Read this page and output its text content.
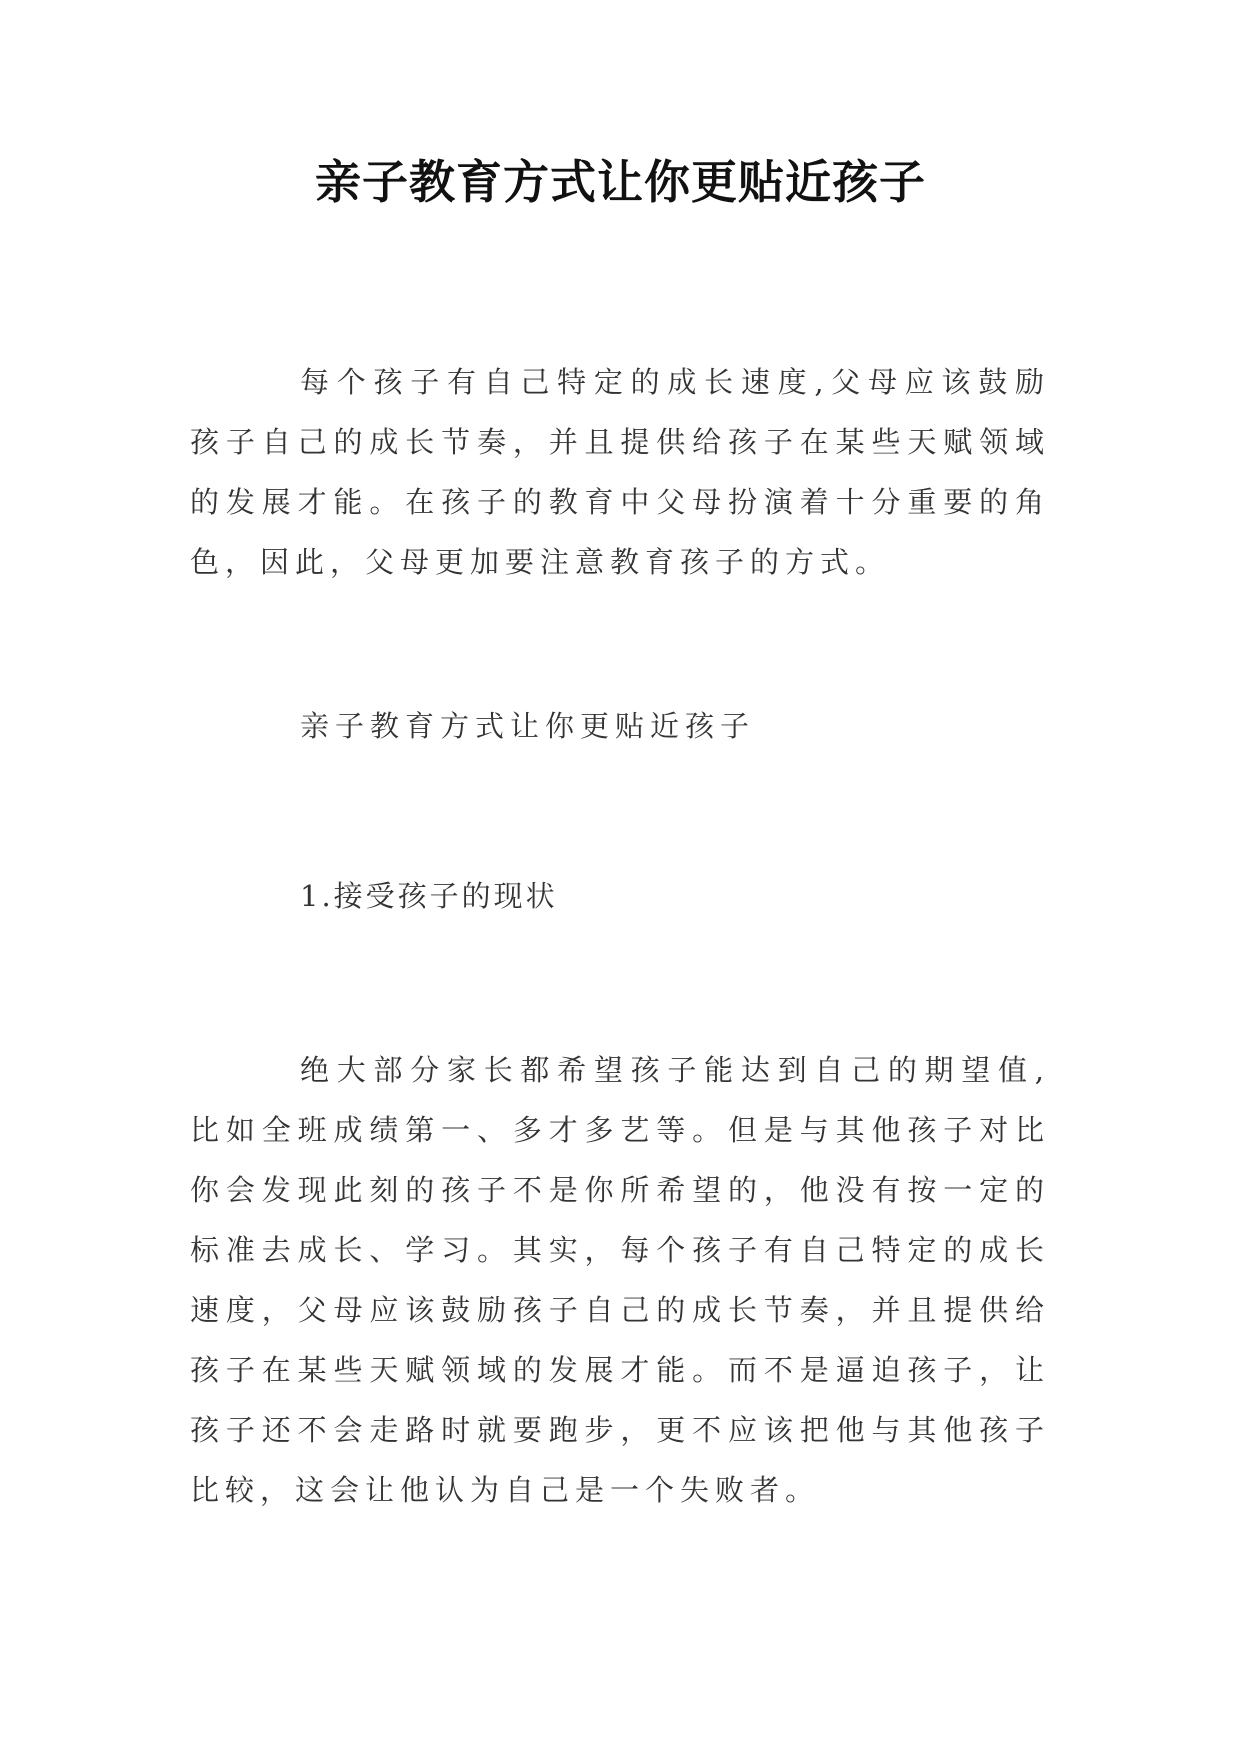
亲子教育方式让你更贴近孩子

每个孩子有自己特定的成长速度,父母应该鼓励孩子自己的成长节奏，并且提供给孩子在某些天赋领域的发展才能。在孩子的教育中父母扮演着十分重要的角色，因此，父母更加要注意教育孩子的方式。

亲子教育方式让你更贴近孩子

1.接受孩子的现状

绝大部分家长都希望孩子能达到自己的期望值,比如全班成绩第一、多才多艺等。但是与其他孩子对比你会发现此刻的孩子不是你所希望的，他没有按一定的标准去成长、学习。其实，每个孩子有自己特定的成长速度，父母应该鼓励孩子自己的成长节奏，并且提供给孩子在某些天赋领域的发展才能。而不是逼迫孩子，让孩子还不会走路时就要跑步，更不应该把他与其他孩子比较，这会让他认为自己是一个失败者。
